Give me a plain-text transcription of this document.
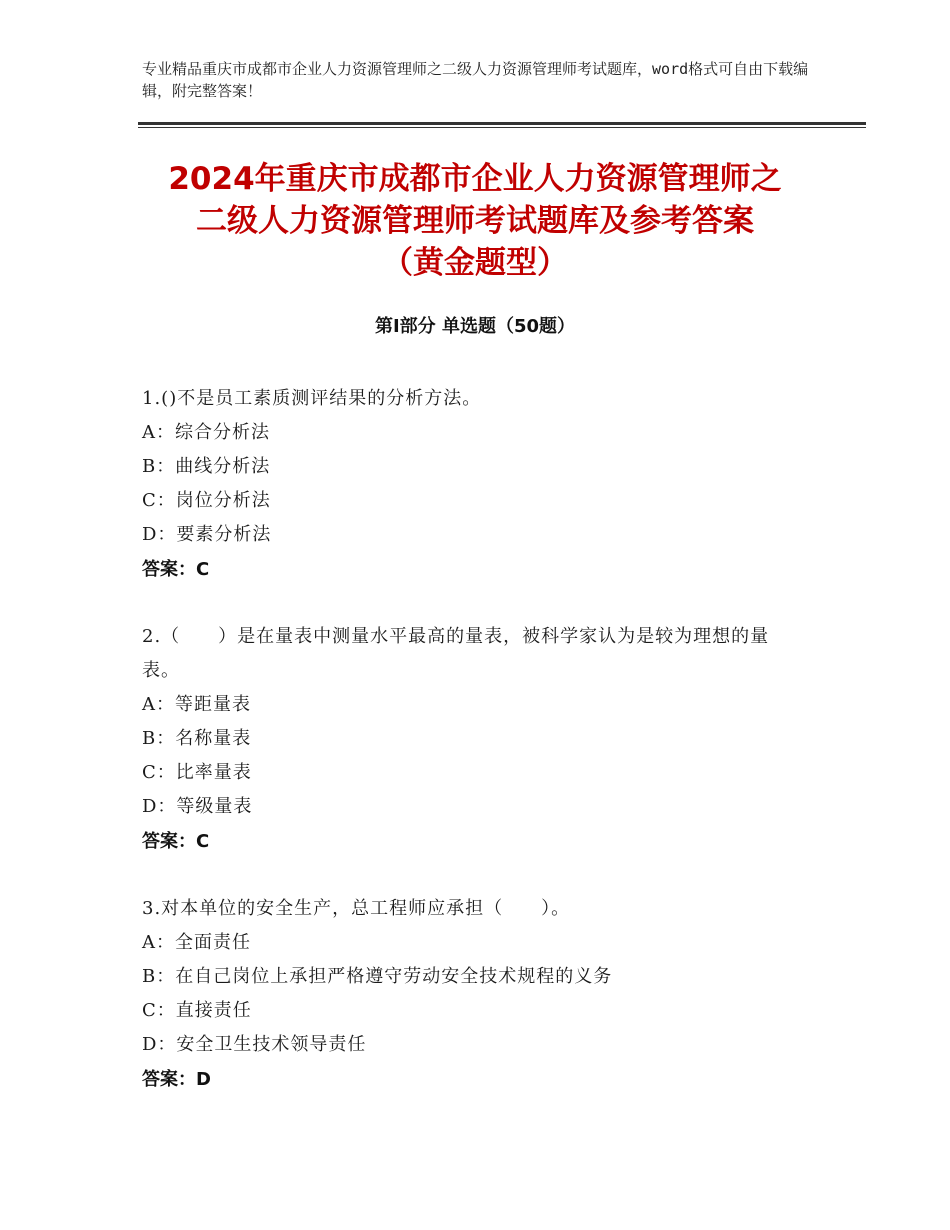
专业精品重庆市成都市企业人力资源管理师之二级人力资源管理师考试题库，word格式可自由下载编辑，附完整答案！
2024年重庆市成都市企业人力资源管理师之
二级人力资源管理师考试题库及参考答案
（黄金题型）
第Ⅰ部分 单选题（50题）
1.()不是员工素质测评结果的分析方法。
A：综合分析法
B：曲线分析法
C：岗位分析法
D：要素分析法
答案：C
2.（　　）是在量表中测量水平最高的量表，被科学家认为是较为理想的量表。
A：等距量表
B：名称量表
C：比率量表
D：等级量表
答案：C
3.对本单位的安全生产，总工程师应承担（　　）。
A：全面责任
B：在自己岗位上承担严格遵守劳动安全技术规程的义务
C：直接责任
D：安全卫生技术领导责任
答案：D
